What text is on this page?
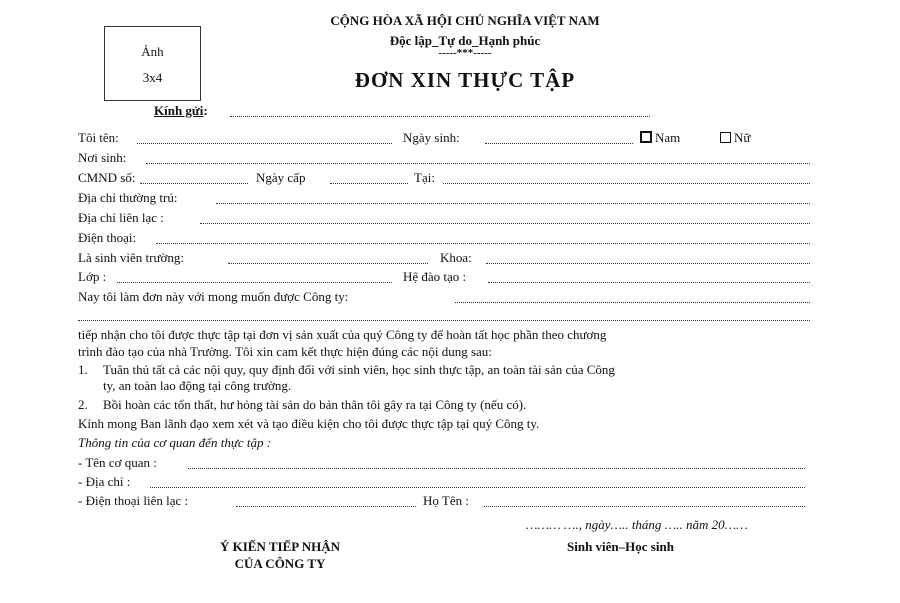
Ảnh
3x4
CỘNG HÒA XÃ HỘI CHỦ NGHĨA VIỆT NAM
Độc lập_Tự do_Hạnh phúc
-----***-----
ĐƠN XIN THỰC TẬP
Kính gửi:
Tôi tên:	Ngày sinh:	Nam	Nữ
Nơi sinh:
CMND số:	Ngày cấp	Tại:
Địa chỉ thường trú:
Địa chỉ liên lạc :
Điện thoại:
Là sinh viên trường:	Khoa:
Lớp :	Hệ đào tạo :
Nay tôi làm đơn này với mong muốn được Công ty:
tiếp nhận cho tôi được thực tập tại đơn vị sản xuất của quý Công ty để hoàn tất học phần theo chương
trình đào tạo của nhà Trường. Tôi xin cam kết thực hiện đúng các nội dung sau:
1. Tuân thủ tất cả các nội quy, quy định đối với sinh viên, học sinh thực tập, an toàn tài sản của Công
ty, an toàn lao động tại công trường.
2. Bồi hoàn các tổn thất, hư hỏng tài sản do bản thân tôi gây ra tại Công ty (nếu có).
Kính mong Ban lãnh đạo xem xét và tạo điều kiện cho tôi được thực tập tại quý Công ty.
Thông tin của cơ quan đến thực tập :
- Tên cơ quan :
- Địa chỉ :
- Điện thoại liên lạc :	Họ Tên :
……… …., ngày….. tháng ….. năm 20……
Ý KIẾN TIẾP NHẬN
CỦA CÔNG TY
Sinh viên–Học sinh
